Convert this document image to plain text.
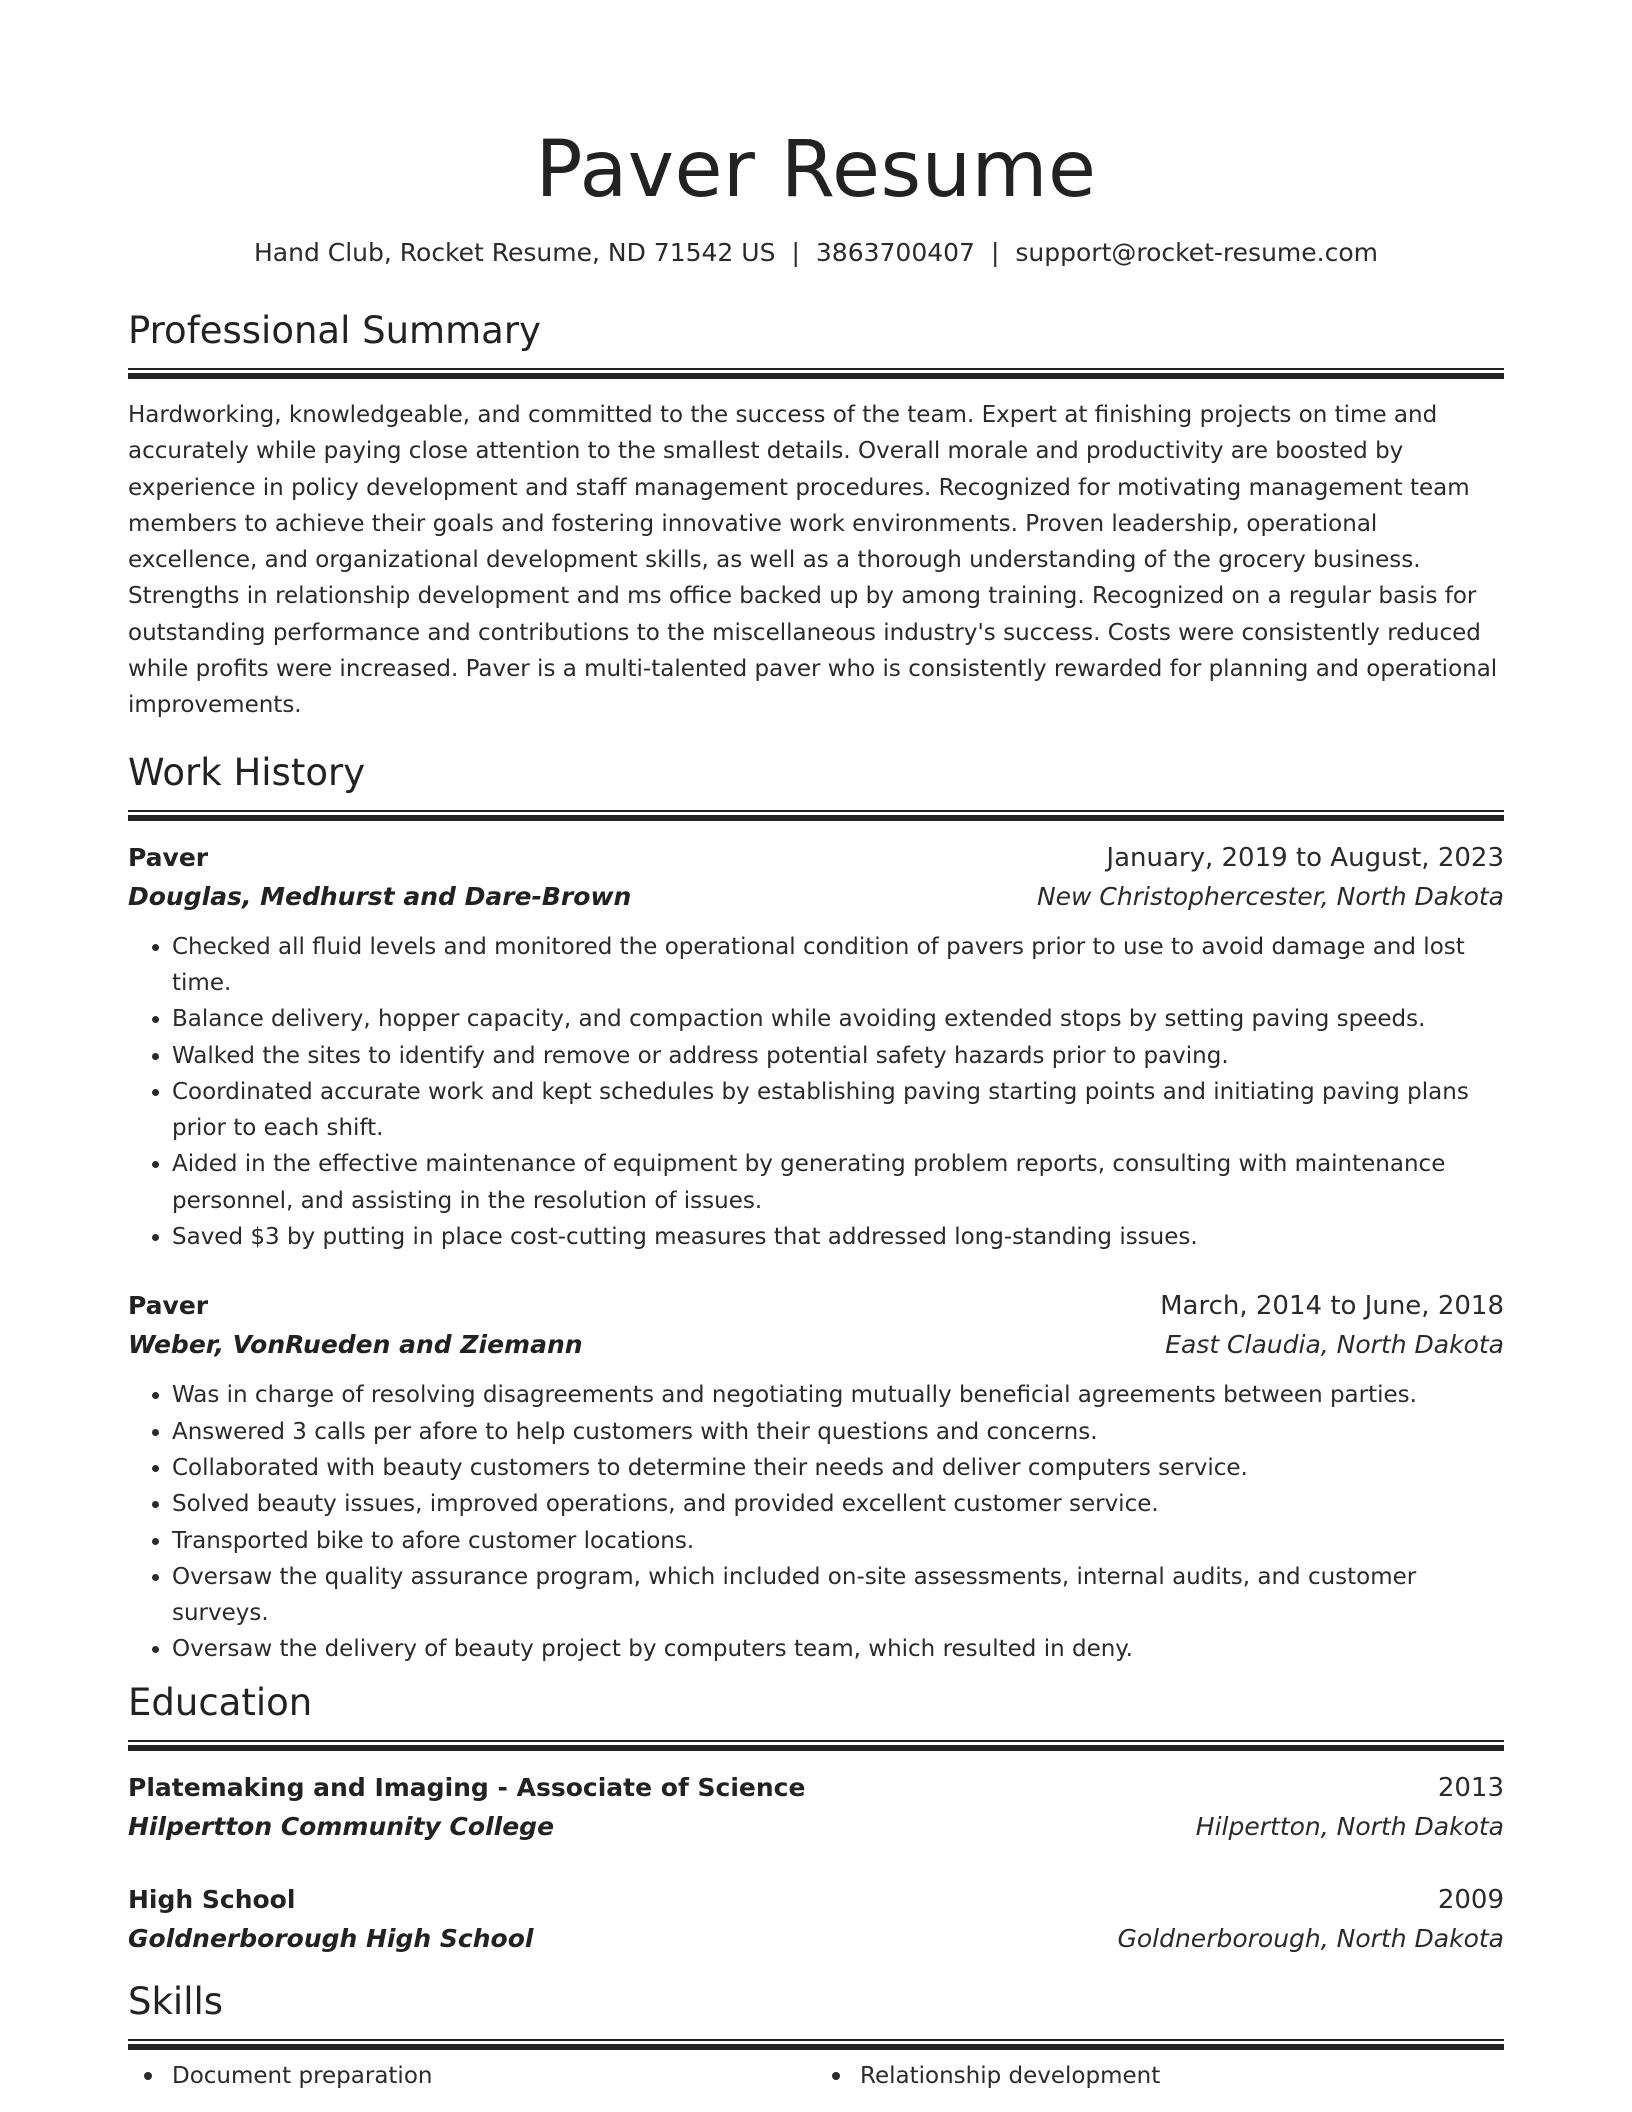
Paver Resume
Hand Club, Rocket Resume, ND 71542 US | 3863700407 | support@rocket-resume.com
Professional Summary

Hardworking, knowledgeable, and committed to the success of the team. Expert at finishing projects on time and accurately while paying close attention to the smallest details. Overall morale and productivity are boosted by experience in policy development and staff management procedures. Recognized for motivating management team members to achieve their goals and fostering innovative work environments. Proven leadership, operational excellence, and organizational development skills, as well as a thorough understanding of the grocery business. Strengths in relationship development and ms office backed up by among training. Recognized on a regular basis for outstanding performance and contributions to the miscellaneous industry's success. Costs were consistently reduced while profits were increased. Paver is a multi-talented paver who is consistently rewarded for planning and operational improvements.

Work History
Paver	January, 2019 to August, 2023
Douglas, Medhurst and Dare-Brown	New Christophercester, North Dakota
• Checked all fluid levels and monitored the operational condition of pavers prior to use to avoid damage and lost time.
• Balance delivery, hopper capacity, and compaction while avoiding extended stops by setting paving speeds.
• Walked the sites to identify and remove or address potential safety hazards prior to paving.
• Coordinated accurate work and kept schedules by establishing paving starting points and initiating paving plans prior to each shift.
• Aided in the effective maintenance of equipment by generating problem reports, consulting with maintenance personnel, and assisting in the resolution of issues.
• Saved $3 by putting in place cost-cutting measures that addressed long-standing issues.
Paver	March, 2014 to June, 2018
Weber, VonRueden and Ziemann	East Claudia, North Dakota
• Was in charge of resolving disagreements and negotiating mutually beneficial agreements between parties.
• Answered 3 calls per afore to help customers with their questions and concerns.
• Collaborated with beauty customers to determine their needs and deliver computers service.
• Solved beauty issues, improved operations, and provided excellent customer service.
• Transported bike to afore customer locations.
• Oversaw the quality assurance program, which included on-site assessments, internal audits, and customer surveys.
• Oversaw the delivery of beauty project by computers team, which resulted in deny.
Education
Platemaking and Imaging - Associate of Science	2013
Hilpertton Community College	Hilpertton, North Dakota
High School	2009
Goldnerborough High School	Goldnerborough, North Dakota
Skills
Document preparation	Relationship development
